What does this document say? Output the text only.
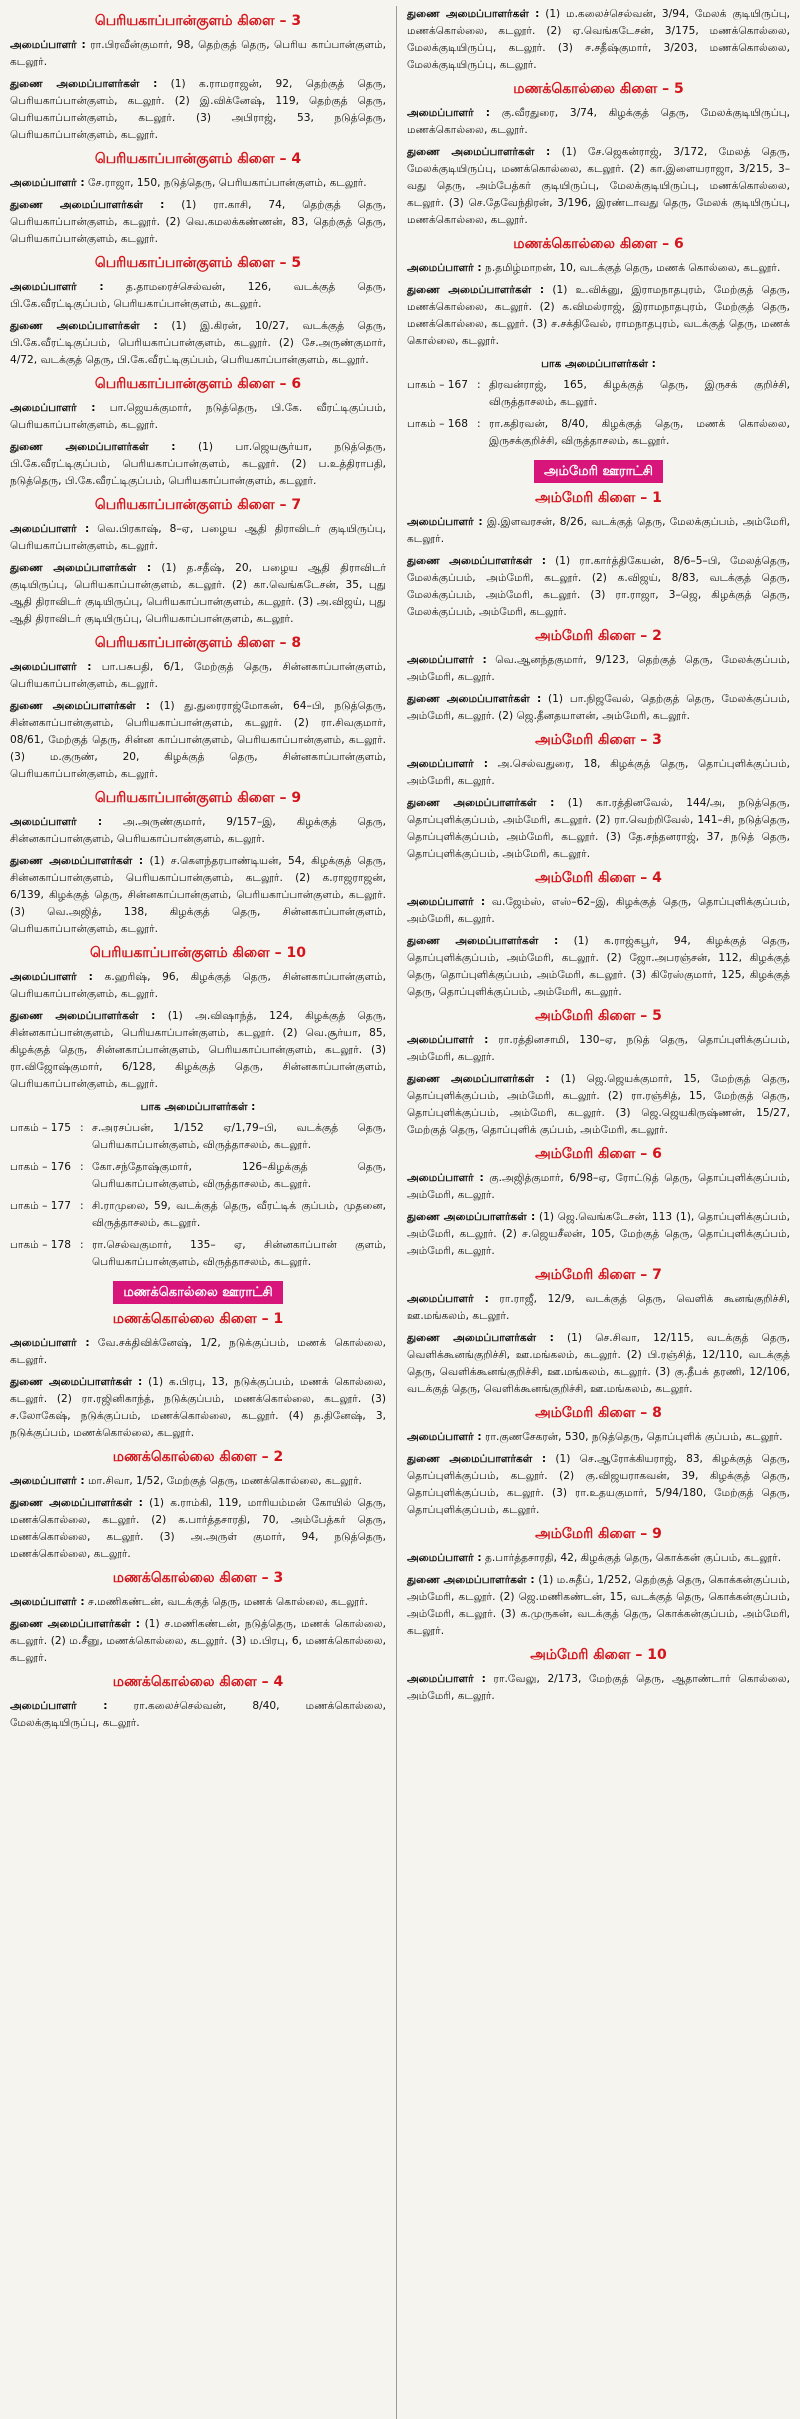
பெரியகாப்பான்குளம் கிளை – 3
அமைப்பாளர் : ரா.பிரவீன்குமார், 98, தெற்குத் தெரு, பெரிய காப்பான்குளம், கடலூர்.
துணை அமைப்பாளர்கள் : (1) க.ராமராஜன், 92, தெற்குத் தெரு, பெரியகாப்பான்குளம், கடலூர். (2) இ.விக்னேஷ், 119, தெற்குத் தெரு, பெரியகாப்பான்குளம், கடலூர். (3) அபிராஜ், 53, நடுத்தெரு, பெரியகாப்பான்குளம், கடலூர்.
பெரியகாப்பான்குளம் கிளை – 4
அமைப்பாளர் : சே.ராஜா, 150, நடுத்தெரு, பெரியகாப்பான்குளம், கடலூர்.
துணை அமைப்பாளர்கள் : (1) ரா.காசி, 74, தெற்குத் தெரு, பெரியகாப்பான்குளம், கடலூர். (2) வெ.கமலக்கண்ணன், 83, தெற்குத் தெரு, பெரியகாப்பான்குளம், கடலூர்.
பெரியகாப்பான்குளம் கிளை – 5
அமைப்பாளர் : த.தாமரைச்செல்வன், 126, வடக்குத் தெரு, பி.கே.வீரட்டிகுப்பம், பெரியகாப்பான்குளம், கடலூர்.
துணை அமைப்பாளர்கள் : (1) இ.கிரன், 10/27, வடக்குத் தெரு, பி.கே.வீரட்டிகுப்பம், பெரியகாப்பான்குளம், கடலூர். (2) சே.அருண்குமார், 4/72, வடக்குத் தெரு, பி.கே.வீரட்டிகுப்பம், பெரியகாப்பான்குளம், கடலூர்.
பெரியகாப்பான்குளம் கிளை – 6
அமைப்பாளர் : பா.ஜெயக்குமார், நடுத்தெரு, பி.கே. வீரட்டிகுப்பம், பெரியகாப்பான்குளம், கடலூர்.
துணை அமைப்பாளர்கள் : (1) பா.ஜெயசூர்யா, நடுத்தெரு, பி.கே.வீரட்டிகுப்பம், பெரியகாப்பான்குளம், கடலூர். (2) ப.உத்திராபதி, நடுத்தெரு, பி.கே.வீரட்டிகுப்பம், பெரியகாப்பான்குளம், கடலூர்.
பெரியகாப்பான்குளம் கிளை – 7
அமைப்பாளர் : வெ.பிரகாஷ், 8–ஏ, பழைய ஆதி திராவிடர் குடியிருப்பு, பெரியகாப்பான்குளம், கடலூர்.
துணை அமைப்பாளர்கள் : (1) த.சதீஷ், 20, பழைய ஆதி திராவிடர் குடியிருப்பு, பெரியகாப்பான்குளம், கடலூர். (2) கா.வெங்கடேசன், 35, புது ஆதி திராவிடர் குடியிருப்பு, பெரியகாப்பான்குளம், கடலூர். (3) அ.விஜய், புது ஆதி திராவிடர் குடியிருப்பு, பெரியகாப்பான்குளம், கடலூர்.
பெரியகாப்பான்குளம் கிளை – 8
அமைப்பாளர் : பா.பசுபதி, 6/1, மேற்குத் தெரு, சின்னகாப்பான்குளம், பெரியகாப்பான்குளம், கடலூர்.
துணை அமைப்பாளர்கள் : (1) து.துரைராஜ்மோகன், 64–பி, நடுத்தெரு, சின்னகாப்பான்குளம், பெரியகாப்பான்குளம், கடலூர். (2) ரா.சிவகுமார், 08/61, மேற்குத் தெரு, சின்ன காப்பான்குளம், பெரியகாப்பான்குளம், கடலூர். (3) ம.குருண், 20, கிழக்குத் தெரு, சின்னகாப்பான்குளம், பெரியகாப்பான்குளம், கடலூர்.
பெரியகாப்பான்குளம் கிளை – 9
அமைப்பாளர் : அ.அருண்குமார், 9/157–இ, கிழக்குத் தெரு, சின்னகாப்பான்குளம், பெரியகாப்பான்குளம், கடலூர்.
துணை அமைப்பாளர்கள் : (1) ச.கௌந்தரபாண்டியன், 54, கிழக்குத் தெரு, சின்னகாப்பான்குளம், பெரியகாப்பான்குளம், கடலூர். (2) க.ராஜராஜன், 6/139, கிழக்குத் தெரு, சின்னகாப்பான்குளம், பெரியகாப்பான்குளம், கடலூர். (3) வெ.அஜித், 138, கிழக்குத் தெரு, சின்னகாப்பான்குளம், பெரியகாப்பான்குளம், கடலூர்.
பெரியகாப்பான்குளம் கிளை – 10
அமைப்பாளர் : க.ஹரிஷ், 96, கிழக்குத் தெரு, சின்னகாப்பான்குளம், பெரியகாப்பான்குளம், கடலூர்.
துணை அமைப்பாளர்கள் : (1) அ.விஷாந்த், 124, கிழக்குத் தெரு, சின்னகாப்பான்குளம், பெரியகாப்பான்குளம், கடலூர். (2) வெ.சூர்யா, 85, கிழக்குத் தெரு, சின்னகாப்பான்குளம், பெரியகாப்பான்குளம், கடலூர். (3) ரா.விஜோஷ்குமார், 6/128, கிழக்குத் தெரு, சின்னகாப்பான்குளம், பெரியகாப்பான்குளம், கடலூர்.
பாக அமைப்பாளர்கள் :
பாகம் – 175 : ச.அரசப்பன், 1/152 ஏ/1,79–பி, வடக்குத் தெரு, பெரியகாப்பான்குளம், விருத்தாசலம், கடலூர்.
பாகம் – 176 : கோ.சந்தோஷ்குமார், 126–கிழக்குத் தெரு, பெரியகாப்பான்குளம், விருத்தாசலம், கடலூர்.
பாகம் – 177 : சி.ராமுலை, 59, வடக்குத் தெரு, வீரட்டிக் குப்பம், முதனை, விருத்தாசலம், கடலூர்.
பாகம் – 178 : ரா.செல்வகுமார், 135– ஏ, சின்னகாப்பான் குளம், பெரியகாப்பான்குளம், விருத்தாசலம், கடலூர்.
மணக்கொல்லை ஊராட்சி
மணக்கொல்லை கிளை – 1
அமைப்பாளர் : வே.சக்திவிக்னேஷ், 1/2, நடுக்குப்பம், மணக் கொல்லை, கடலூர்.
துணை அமைப்பாளர்கள் : (1) க.பிரபு, 13, நடுக்குப்பம், மணக் கொல்லை, கடலூர். (2) ரா.ரஜினிகாந்த், நடுக்குப்பம், மணக்கொல்லை, கடலூர். (3) ச.லோகேஷ், நடுக்குப்பம், மணக்கொல்லை, கடலூர். (4) த.தினேஷ், 3, நடுக்குப்பம், மணக்கொல்லை, கடலூர்.
மணக்கொல்லை கிளை – 2
அமைப்பாளர் : மா.சிவா, 1/52, மேற்குத் தெரு, மணக்கொல்லை, கடலூர்.
துணை அமைப்பாளர்கள் : (1) க.ராம்கி, 119, மாரியம்மன் கோயில் தெரு, மணக்கொல்லை, கடலூர். (2) க.பார்த்தசாரதி, 70, அம்பேத்கர் தெரு, மணக்கொல்லை, கடலூர். (3) அ.அருள் குமார், 94, நடுத்தெரு, மணக்கொல்லை, கடலூர்.
மணக்கொல்லை கிளை – 3
அமைப்பாளர் : ச.மணிகண்டன், வடக்குத் தெரு, மணக் கொல்லை, கடலூர்.
துணை அமைப்பாளர்கள் : (1) ச.மணிகண்டன், நடுத்தெரு, மணக் கொல்லை, கடலூர். (2) ம.சீனு, மணக்கொல்லை, கடலூர். (3) ம.பிரபு, 6, மணக்கொல்லை, கடலூர்.
மணக்கொல்லை கிளை – 4
அமைப்பாளர் : ரா.கலைச்செல்வன், 8/40, மணக்கொல்லை, மேலக்குடியிருப்பு, கடலூர்.
துணை அமைப்பாளர்கள் : (1) ம.கலைச்செல்வன், 3/94, மேலக் குடியிருப்பு, மணக்கொல்லை, கடலூர். (2) ஏ.வெங்கடேசன், 3/175, மணக்கொல்லை, மேலக்குடியிருப்பு, கடலூர். (3) ச.சதீஷ்குமார், 3/203, மணக்கொல்லை, மேலக்குடியிருப்பு, கடலூர்.
மணக்கொல்லை கிளை – 5
அமைப்பாளர் : கு.வீரதுரை, 3/74, கிழக்குத் தெரு, மேலக்குடியிருப்பு, மணக்கொல்லை, கடலூர்.
துணை அமைப்பாளர்கள் : (1) சே.ஜெகன்ராஜ், 3/172, மேலத் தெரு, மேலக்குடியிருப்பு, மணக்கொல்லை, கடலூர். (2) கா.இளையராஜா, 3/215, 3–வது தெரு, அம்பேத்கர் குடியிருப்பு, மேலக்குடியிருப்பு, மணக்கொல்லை, கடலூர். (3) செ.தேவேந்திரன், 3/196, இரண்டாவது தெரு, மேலக் குடியிருப்பு, மணக்கொல்லை, கடலூர்.
மணக்கொல்லை கிளை – 6
அமைப்பாளர் : ந.தமிழ்மாறன், 10, வடக்குத் தெரு, மணக் கொல்லை, கடலூர்.
துணை அமைப்பாளர்கள் : (1) உ.விக்னு, இராமநாதபுரம், மேற்குத் தெரு, மணக்கொல்லை, கடலூர். (2) க.விமல்ராஜ், இராமநாதபுரம், மேற்குத் தெரு, மணக்கொல்லை, கடலூர். (3) ச.சக்திவேல், ராமநாதபுரம், வடக்குத் தெரு, மணக் கொல்லை, கடலூர்.
பாக அமைப்பாளர்கள் :
பாகம் – 167 : திரவன்ராஜ், 165, கிழக்குத் தெரு, இருசக் குறிச்சி, விருத்தாசலம், கடலூர்.
பாகம் – 168 : ரா.கதிரவன், 8/40, கிழக்குத் தெரு, மணக் கொல்லை, இருசக்குறிச்சி, விருத்தாசலம், கடலூர்.
அம்மேரி ஊராட்சி
அம்மேரி கிளை – 1
அமைப்பாளர் : இ.இளவரசன், 8/26, வடக்குத் தெரு, மேலக்குப்பம், அம்மேரி, கடலூர்.
துணை அமைப்பாளர்கள் : (1) ரா.கார்த்திகேயன், 8/6–5–பி, மேலத்தெரு, மேலக்குப்பம், அம்மேரி, கடலூர். (2) க.விஜய், 8/83, வடக்குத் தெரு, மேலக்குப்பம், அம்மேரி, கடலூர். (3) ரா.ராஜா, 3–ஜெ, கிழக்குத் தெரு, மேலக்குப்பம், அம்மேரி, கடலூர்.
அம்மேரி கிளை – 2
அமைப்பாளர் : வெ.ஆனந்தகுமார், 9/123, தெற்குத் தெரு, மேலக்குப்பம், அம்மேரி, கடலூர்.
துணை அமைப்பாளர்கள் : (1) பா.நிஜவேல், தெற்குத் தெரு, மேலக்குப்பம், அம்மேரி, கடலூர். (2) ஜெ.தீனதயாளன், அம்மேரி, கடலூர்.
அம்மேரி கிளை – 3
அமைப்பாளர் : அ.செல்வதுரை, 18, கிழக்குத் தெரு, தொப்புளிக்குப்பம், அம்மேரி, கடலூர்.
துணை அமைப்பாளர்கள் : (1) கா.ரத்தினவேல், 144/அ, நடுத்தெரு, தொப்புளிக்குப்பம், அம்மேரி, கடலூர். (2) ரா.வெற்றிவேல், 141–சி, நடுத்தெரு, தொப்புளிக்குப்பம், அம்மேரி, கடலூர். (3) தே.சந்தனராஜ், 37, நடுத் தெரு, தொப்புளிக்குப்பம், அம்மேரி, கடலூர்.
அம்மேரி கிளை – 4
அமைப்பாளர் : வ.ஜேம்ஸ், எஸ்–62–இ, கிழக்குத் தெரு, தொப்புளிக்குப்பம், அம்மேரி, கடலூர்.
துணை அமைப்பாளர்கள் : (1) க.ராஜ்கபூர், 94, கிழக்குத் தெரு, தொப்புளிக்குப்பம், அம்மேரி, கடலூர். (2) ஜோ.அபரஞ்சன், 112, கிழக்குத் தெரு, தொப்புளிக்குப்பம், அம்மேரி, கடலூர். (3) கிரேஸ்குமார், 125, கிழக்குத் தெரு, தொப்புளிக்குப்பம், அம்மேரி, கடலூர்.
அம்மேரி கிளை – 5
அமைப்பாளர் : ரா.ரத்தினசாமி, 130–ஏ, நடுத் தெரு, தொப்புளிக்குப்பம், அம்மேரி, கடலூர்.
துணை அமைப்பாளர்கள் : (1) ஜெ.ஜெயக்குமார், 15, மேற்குத் தெரு, தொப்புளிக்குப்பம், அம்மேரி, கடலூர். (2) ரா.ரஞ்சித், 15, மேற்குத் தெரு, தொப்புளிக்குப்பம், அம்மேரி, கடலூர். (3) ஜெ.ஜெயகிருஷ்ணன், 15/27, மேற்குத் தெரு, தொப்புளிக் குப்பம், அம்மேரி, கடலூர்.
அம்மேரி கிளை – 6
அமைப்பாளர் : கு.அஜித்குமார், 6/98–ஏ, ரோட்டுத் தெரு, தொப்புளிக்குப்பம், அம்மேரி, கடலூர்.
துணை அமைப்பாளர்கள் : (1) ஜெ.வெங்கடேசன், 113 (1), தொப்புளிக்குப்பம், அம்மேரி, கடலூர். (2) ச.ஜெயசீலன், 105, மேற்குத் தெரு, தொப்புளிக்குப்பம், அம்மேரி, கடலூர்.
அம்மேரி கிளை – 7
அமைப்பாளர் : ரா.ராஜீ, 12/9, வடக்குத் தெரு, வெளிக் கூனங்குறிச்சி, ஊ.மங்கலம், கடலூர்.
துணை அமைப்பாளர்கள் : (1) செ.சிவா, 12/115, வடக்குத் தெரு, வெளிக்கூனங்குறிச்சி, ஊ.மங்கலம், கடலூர். (2) பி.ரஞ்சித், 12/110, வடக்குத் தெரு, வெளிக்கூனங்குறிச்சி, ஊ.மங்கலம், கடலூர். (3) கு.தீபக் தரணி, 12/106, வடக்குத் தெரு, வெளிக்கூனங்குறிச்சி, ஊ.மங்கலம், கடலூர்.
அம்மேரி கிளை – 8
அமைப்பாளர் : ரா.குணசேகரன், 530, நடுத்தெரு, தொப்புளிக் குப்பம், கடலூர்.
துணை அமைப்பாளர்கள் : (1) செ.ஆரோக்கியராஜ், 83, கிழக்குத் தெரு, தொப்புளிக்குப்பம், கடலூர். (2) கு.விஜயராகவன், 39, கிழக்குத் தெரு, தொப்புளிக்குப்பம், கடலூர். (3) ரா.உதயகுமார், 5/94/180, மேற்குத் தெரு, தொப்புளிக்குப்பம், கடலூர்.
அம்மேரி கிளை – 9
அமைப்பாளர் : த.பார்த்தசாரதி, 42, கிழக்குத் தெரு, கொக்கன் குப்பம், கடலூர்.
துணை அமைப்பாளர்கள் : (1) ம.சுதீப், 1/252, தெற்குத் தெரு, கொக்கன்குப்பம், அம்மேரி, கடலூர். (2) ஜெ.மணிகண்டன், 15, வடக்குத் தெரு, கொக்கன்குப்பம், அம்மேரி, கடலூர். (3) க.முருகன், வடக்குத் தெரு, கொக்கன்குப்பம், அம்மேரி, கடலூர்.
அம்மேரி கிளை – 10
அமைப்பாளர் : ரா.வேலு, 2/173, மேற்குத் தெரு, ஆதாண்டார் கொல்லை, அம்மேரி, கடலூர்.
